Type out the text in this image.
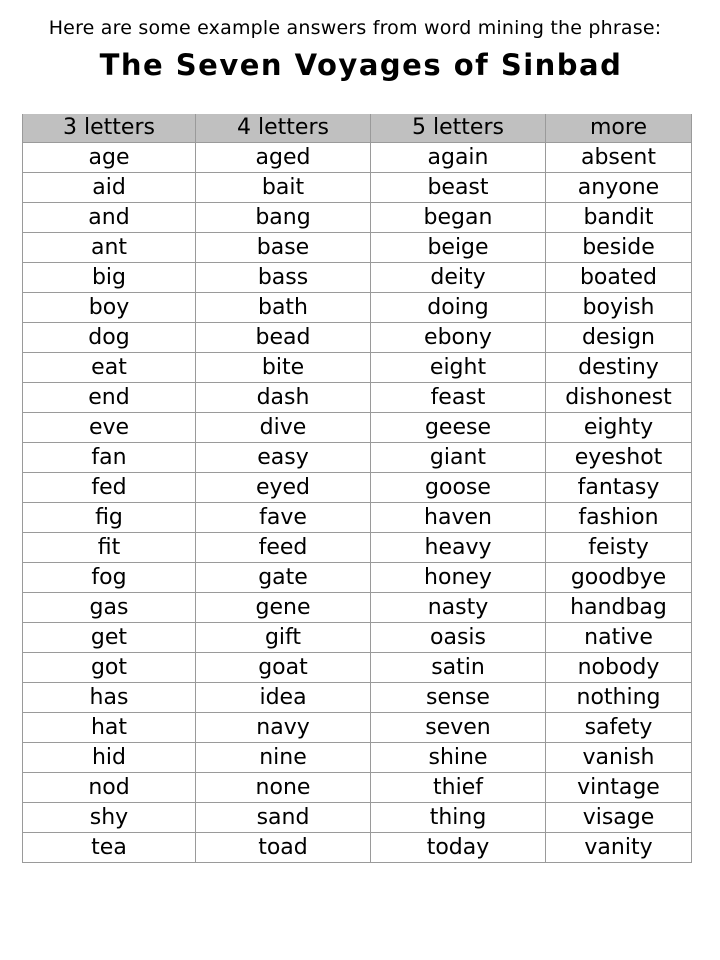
Here are some example answers from word mining the phrase:
The Seven Voyages of Sinbad
3 letters	4 letters	5 letters	more
age	aged	again	absent
aid	bait	beast	anyone
and	bang	began	bandit
ant	base	beige	beside
big	bass	deity	boated
boy	bath	doing	boyish
dog	bead	ebony	design
eat	bite	eight	destiny
end	dash	feast	dishonest
eve	dive	geese	eighty
fan	easy	giant	eyeshot
fed	eyed	goose	fantasy
fig	fave	haven	fashion
fit	feed	heavy	feisty
fog	gate	honey	goodbye
gas	gene	nasty	handbag
get	gift	oasis	native
got	goat	satin	nobody
has	idea	sense	nothing
hat	navy	seven	safety
hid	nine	shine	vanish
nod	none	thief	vintage
shy	sand	thing	visage
tea	toad	today	vanity
